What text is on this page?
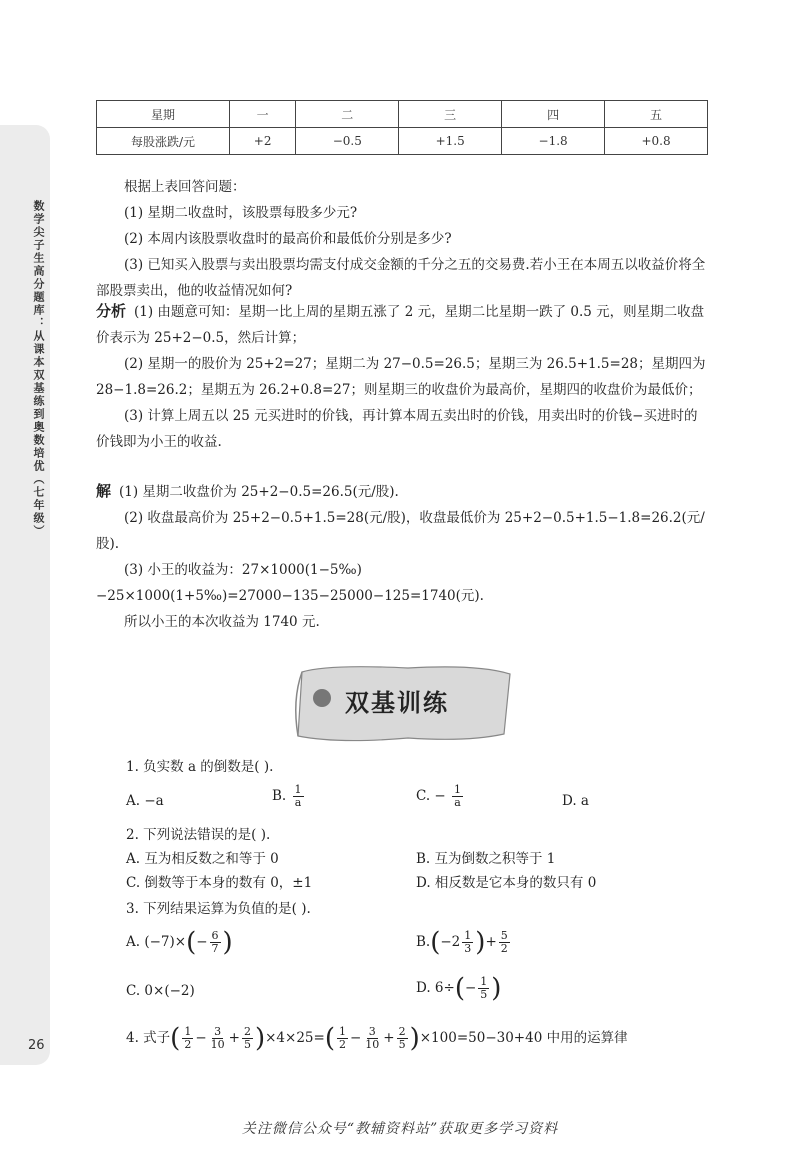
数学尖子生高分题库：从课本双基练到奥数培优（七年级）
26
星期	一	二	三	四	五
每股涨跌/元	+2	−0.5	+1.5	−1.8	+0.8

根据上表回答问题：

(1) 星期二收盘时，该股票每股多少元?

(2) 本周内该股票收盘时的最高价和最低价分别是多少?

(3) 已知买入股票与卖出股票均需支付成交金额的千分之五的交易费.若小王在本周五以收益价将全部股票卖出，他的收益情况如何?

分析 (1) 由题意可知：星期一比上周的星期五涨了 2 元，星期二比星期一跌了 0.5 元，则星期二收盘价表示为 25+2−0.5，然后计算；

(2) 星期一的股价为 25+2=27；星期二为 27−0.5=26.5；星期三为 26.5+1.5=28；星期四为 28−1.8=26.2；星期五为 26.2+0.8=27；则星期三的收盘价为最高价，星期四的收盘价为最低价；

(3) 计算上周五以 25 元买进时的价钱，再计算本周五卖出时的价钱，用卖出时的价钱−买进时的价钱即为小王的收益.

解 (1) 星期二收盘价为 25+2−0.5=26.5(元/股).

(2) 收盘最高价为 25+2−0.5+1.5=28(元/股)，收盘最低价为 25+2−0.5+1.5−1.8=26.2(元/股).

(3) 小王的收益为：27×1000(1−5‰)−25×1000(1+5‰)=27000−135−25000−125=1740(元).

所以小王的本次收益为 1740 元.

双基训练
1. 负实数 a 的倒数是( ).
A. −a	B. $\frac{1}{a}$	C. − $\frac{1}{a}$	D. a
2. 下列说法错误的是( ).
A. 互为相反数之和等于 0	B. 互为倒数之积等于 1
C. 倒数等于本身的数有 0，±1	D. 相反数是它本身的数只有 0
3. 下列结果运算为负值的是( ).
A. $(-7)\times(- \frac{6}{7}$ )	$B.(-2 \frac{1}{3}$ )+ $\frac{5}{2}$
C. 0×(−2)	D. $6\div(- \frac{1}{5}$ )
4. 式子( $\frac{1}{2} - \frac{3}{10} + \frac{2}{5} )\times 4\times 25=( \frac{1}{2} - \frac{3}{10} + \frac{2}{5} )\times 100=50-30+40$ 中用的运算律
关注微信公众号“教辅资料站”获取更多学习资料
